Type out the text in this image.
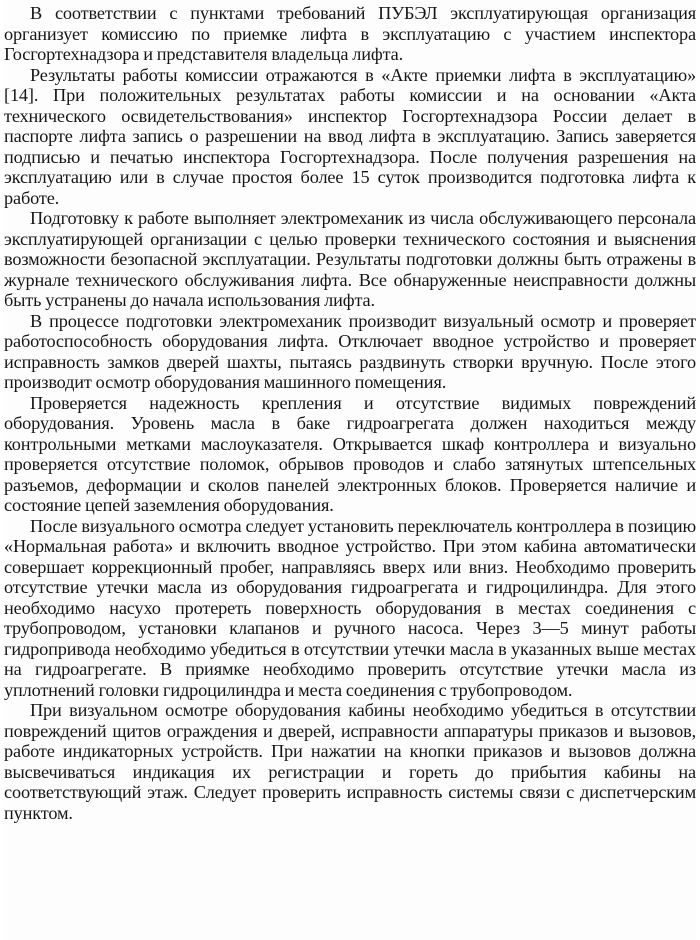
В соответствии с пунктами требований ПУБЭЛ эксплуатирующая организация организует комиссию по приемке лифта в эксплуатацию с участием инспектора Госгортехнадзора и представителя владельца лифта.

Результаты работы комиссии отражаются в «Акте приемки лифта в эксплуатацию» [14]. При положительных результатах работы комиссии и на основании «Акта технического освидетельствования» инспектор Госгортехнадзора России делает в паспорте лифта запись о разрешении на ввод лифта в эксплуатацию. Запись заверяется подписью и печатью инспектора Госгортехнадзора. После получения разрешения на эксплуатацию или в случае простоя более 15 суток производится подготовка лифта к работе.

Подготовку к работе выполняет электромеханик из числа обслуживающего персонала эксплуатирующей организации с целью проверки технического состояния и выяснения возможности безопасной эксплуатации. Результаты подготовки должны быть отражены в журнале технического обслуживания лифта. Все обнаруженные неисправности должны быть устранены до начала использования лифта.

В процессе подготовки электромеханик производит визуальный осмотр и проверяет работоспособность оборудования лифта. Отключает вводное устройство и проверяет исправность замков дверей шахты, пытаясь раздвинуть створки вручную. После этого производит осмотр оборудования машинного помещения.

Проверяется надежность крепления и отсутствие видимых повреждений оборудования. Уровень масла в баке гидроагрегата должен находиться между контрольными метками маслоуказателя. Открывается шкаф контроллера и визуально проверяется отсутствие поломок, обрывов проводов и слабо затянутых штепсельных разъемов, деформации и сколов панелей электронных блоков. Проверяется наличие и состояние цепей заземления оборудования.

После визуального осмотра следует установить переключатель контроллера в позицию «Нормальная работа» и включить вводное устройство. При этом кабина автоматически совершает коррекционный пробег, направляясь вверх или вниз. Необходимо проверить отсутствие утечки масла из оборудования гидроагрегата и гидроцилиндра. Для этого необходимо насухо протереть поверхность оборудования в местах соединения с трубопроводом, установки клапанов и ручного насоса. Через 3—5 минут работы гидропривода необходимо убедиться в отсутствии утечки масла в указанных выше местах на гидроагрегате. В приямке необходимо проверить отсутствие утечки масла из уплотнений головки гидроцилиндра и места соединения с трубопроводом.

При визуальном осмотре оборудования кабины необходимо убедиться в отсутствии повреждений щитов ограждения и дверей, исправности аппаратуры приказов и вызовов, работе индикаторных устройств. При нажатии на кнопки приказов и вызовов должна высвечиваться индикация их регистрации и гореть до прибытия кабины на соответствующий этаж. Следует проверить исправность системы связи с диспетчерским пунктом.
